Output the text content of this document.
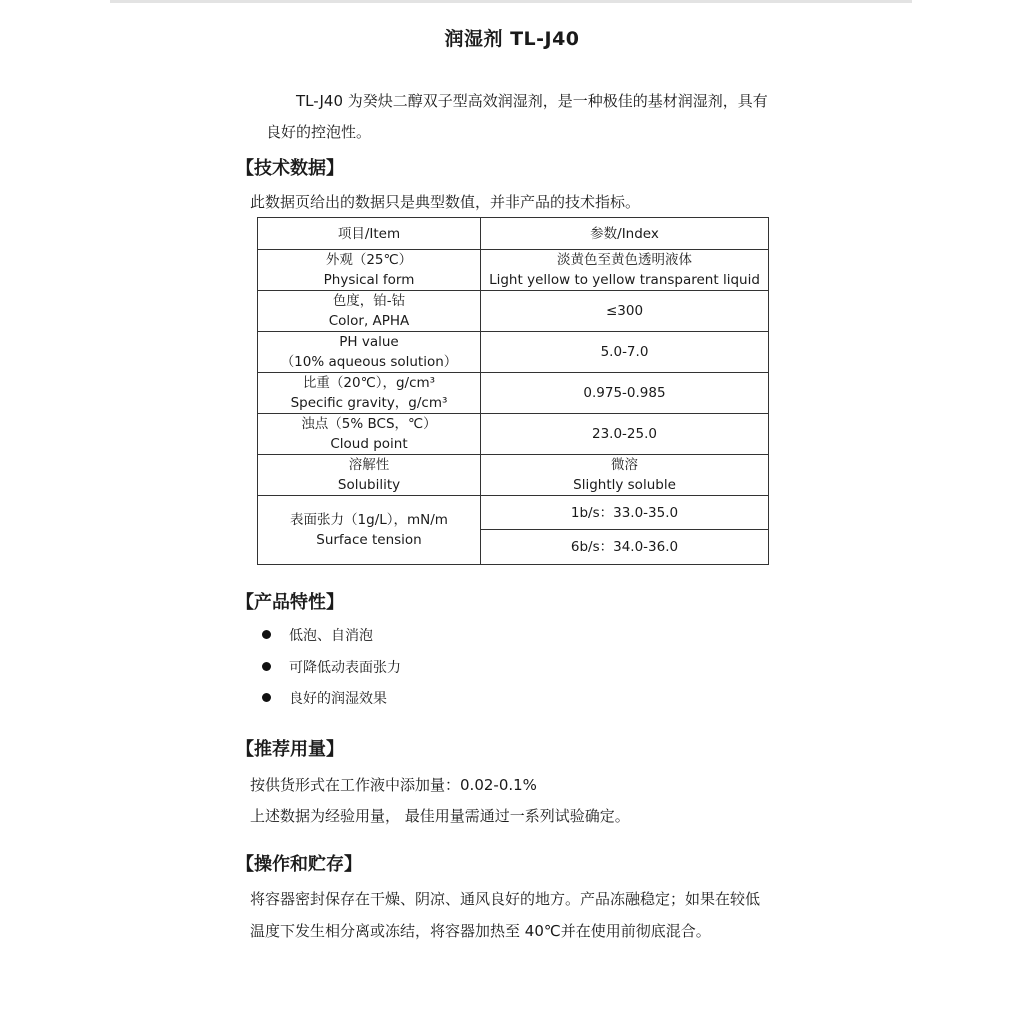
润湿剂 TL-J40
TL-J40 为癸炔二醇双子型高效润湿剂，是一种极佳的基材润湿剂，具有
良好的控泡性。
【技术数据】
此数据页给出的数据只是典型数值，并非产品的技术指标。
项目/Item	参数/Index

外观（25℃）
Physical form	淡黄色至黄色透明液体
Light yellow to yellow transparent liquid

色度，铂-钴
Color, APHA	≤300

PH value
（10% aqueous solution）	5.0-7.0

比重（20℃），g/cm³
Specific gravity，g/cm³	0.975-0.985

浊点（5% BCS，℃）
Cloud point	23.0-25.0

溶解性
Solubility	微溶
Slightly soluble

表面张力（1g/L），mN/m
Surface tension	1b/s：33.0-35.0
	6b/s：34.0-36.0
【产品特性】
低泡、自消泡
可降低动表面张力
良好的润湿效果
【推荐用量】
按供货形式在工作液中添加量：0.02-0.1%
上述数据为经验用量， 最佳用量需通过一系列试验确定。
【操作和贮存】
将容器密封保存在干燥、阴凉、通风良好的地方。产品冻融稳定；如果在较低
温度下发生相分离或冻结，将容器加热至 40℃并在使用前彻底混合。
